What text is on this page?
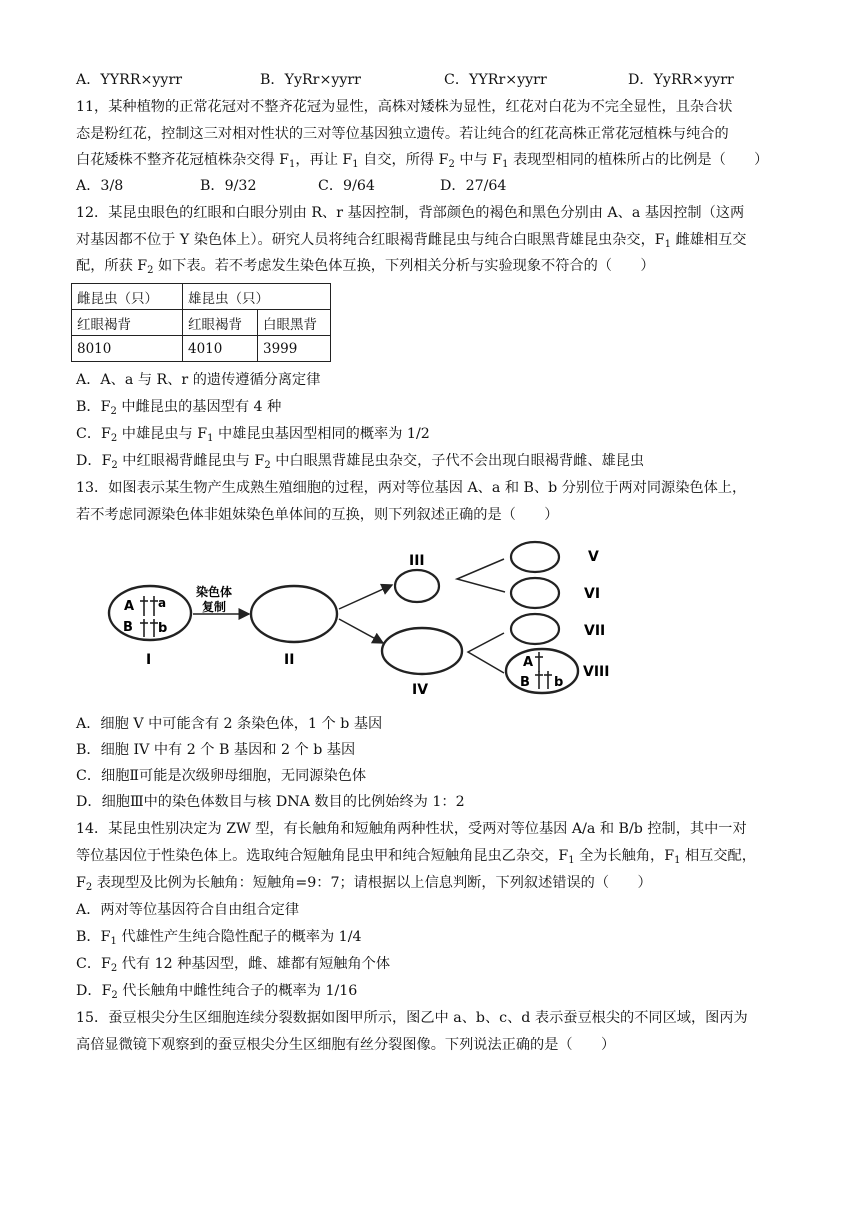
A．YYRR×yyrr	B．YyRr×yyrr	C．YYRr×yyrr	D．YyRR×yyrr
11，某种植物的正常花冠对不整齐花冠为显性，高株对矮株为显性，红花对白花为不完全显性，且杂合状
态是粉红花，控制这三对相对性状的三对等位基因独立遗传。若让纯合的红花高株正常花冠植株与纯合的
白花矮株不整齐花冠植株杂交得 $F_1$，再让 $F_1$ 自交，所得 $F_2$ 中与 $F_1$ 表现型相同的植株所占的比例是（　　）
A．3/8	B．9/32	C．9/64	D．27/64
12．某昆虫眼色的红眼和白眼分别由 R、r 基因控制，背部颜色的褐色和黑色分别由 A、a 基因控制（这两
对基因都不位于 Y 染色体上）。研究人员将纯合红眼褐背雌昆虫与纯合白眼黑背雄昆虫杂交，$F_1$ 雌雄相互交
配，所获 $F_2$ 如下表。若不考虑发生染色体互换，下列相关分析与实验现象不符合的（　　）
雌昆虫（只）	雄昆虫（只）	
红眼褐背	红眼褐背	白眼黑背
8010	4010	3999
A．A、a 与 R、r 的遗传遵循分离定律
B．$F_2$ 中雌昆虫的基因型有 4 种
C．$F_2$ 中雄昆虫与 $F_1$ 中雄昆虫基因型相同的概率为 1/2
D．$F_2$ 中红眼褐背雌昆虫与 $F_2$ 中白眼黑背雄昆虫杂交，子代不会出现白眼褐背雌、雄昆虫
13．如图表示某生物产生成熟生殖细胞的过程，两对等位基因 A、a 和 B、b 分别位于两对同源染色体上，
若不考虑同源染色体非姐妹染色单体间的互换，则下列叙述正确的是（　　）
A a
B b
I
染色体
复制
II
III
IV
A
B b
V
VI
VII
VIII
A．细胞 V 中可能含有 2 条染色体，1 个 b 基因
B．细胞 IV 中有 2 个 B 基因和 2 个 b 基因
C．细胞Ⅱ可能是次级卵母细胞，无同源染色体
D．细胞Ⅲ中的染色体数目与核 DNA 数目的比例始终为 1：2
14．某昆虫性别决定为 ZW 型，有长触角和短触角两种性状，受两对等位基因 A/a 和 B/b 控制，其中一对
等位基因位于性染色体上。选取纯合短触角昆虫甲和纯合短触角昆虫乙杂交，$F_1$ 全为长触角，$F_1$ 相互交配，
$F_2$ 表现型及比例为长触角：短触角=9：7；请根据以上信息判断，下列叙述错误的（　　）
A．两对等位基因符合自由组合定律
B．$F_1$ 代雄性产生纯合隐性配子的概率为 1/4
C．$F_2$ 代有 12 种基因型，雌、雄都有短触角个体
D．$F_2$ 代长触角中雌性纯合子的概率为 1/16
15．蚕豆根尖分生区细胞连续分裂数据如图甲所示，图乙中 a、b、c、d 表示蚕豆根尖的不同区域，图丙为
高倍显微镜下观察到的蚕豆根尖分生区细胞有丝分裂图像。下列说法正确的是（　　）
